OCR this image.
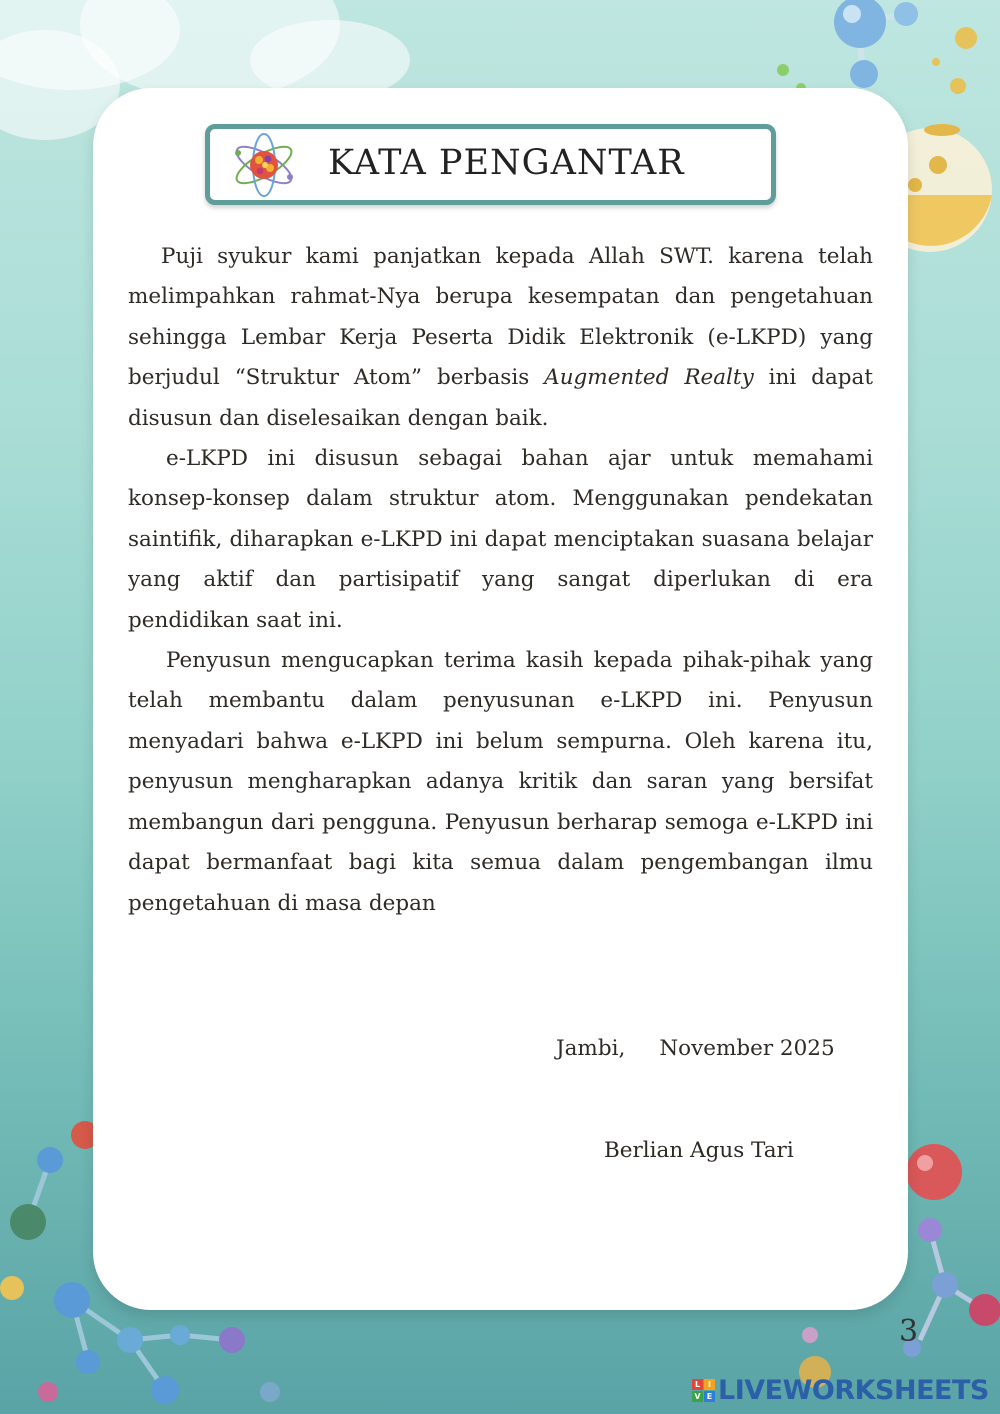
KATA PENGANTAR

Puji syukur kami panjatkan kepada Allah SWT. karena telah melimpahkan rahmat-Nya berupa kesempatan dan pengetahuan sehingga Lembar Kerja Peserta Didik Elektronik (e-LKPD) yang berjudul “Struktur Atom” berbasis Augmented Realty ini dapat disusun dan diselesaikan dengan baik.

e-LKPD ini disusun sebagai bahan ajar untuk memahami konsep-konsep dalam struktur atom. Menggunakan pendekatan saintifik, diharapkan e-LKPD ini dapat menciptakan suasana belajar yang aktif dan partisipatif yang sangat diperlukan di era pendidikan saat ini.

Penyusun mengucapkan terima kasih kepada pihak-pihak yang telah membantu dalam penyusunan e-LKPD ini. Penyusun menyadari bahwa e-LKPD ini belum sempurna. Oleh karena itu, penyusun mengharapkan adanya kritik dan saran yang bersifat membangun dari pengguna. Penyusun berharap semoga e-LKPD ini dapat bermanfaat bagi kita semua dalam pengembangan ilmu pengetahuan di masa depan

Jambi, November 2025
Berlian Agus Tari
3
L I
V E LIVEWORKSHEETS
